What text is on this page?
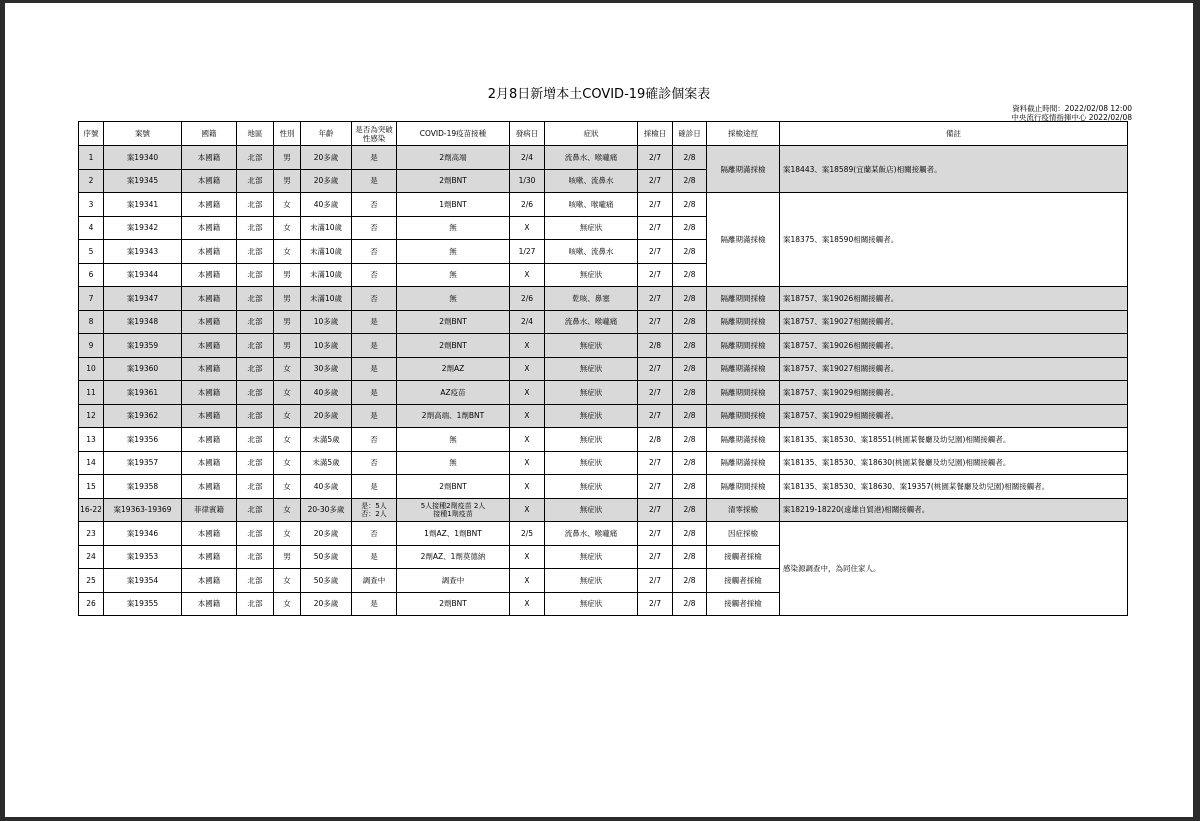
2月8日新增本土COVID-19確診個案表
資料截止時間：2022/02/08 12:00
中央流行疫情指揮中心 2022/02/08
序號	案號	國籍	地區	性別	年齡	是否為突破性感染	COVID-19疫苗接種	發病日	症狀	採檢日	確診日	採檢途徑	備註
1	案19340	本國籍	北部	男	20多歲	是	2劑高端	2/4	流鼻水、喉嚨痛	2/7	2/8	隔離期滿採檢	案18443、案18589(宜蘭某飯店)相關接觸者。
2	案19345	本國籍	北部	男	20多歲	是	2劑BNT	1/30	咳嗽、流鼻水	2/7	2/8		
3	案19341	本國籍	北部	女	40多歲	否	1劑BNT	2/6	咳嗽、喉嚨痛	2/7	2/8	隔離期滿採檢	案18375、案18590相關接觸者。
4	案19342	本國籍	北部	女	未滿10歲	否	無	X	無症狀	2/7	2/8		
5	案19343	本國籍	北部	女	未滿10歲	否	無	1/27	咳嗽、流鼻水	2/7	2/8		
6	案19344	本國籍	北部	男	未滿10歲	否	無	X	無症狀	2/7	2/8		
7	案19347	本國籍	北部	男	未滿10歲	否	無	2/6	乾咳、鼻塞	2/7	2/8	隔離期間採檢	案18757、案19026相關接觸者。
8	案19348	本國籍	北部	男	10多歲	是	2劑BNT	2/4	流鼻水、喉嚨痛	2/7	2/8	隔離期間採檢	案18757、案19027相關接觸者。
9	案19359	本國籍	北部	男	10多歲	是	2劑BNT	X	無症狀	2/8	2/8	隔離期間採檢	案18757、案19026相關接觸者。
10	案19360	本國籍	北部	女	30多歲	是	2劑AZ	X	無症狀	2/7	2/8	隔離期滿採檢	案18757、案19027相關接觸者。
11	案19361	本國籍	北部	女	40多歲	是	AZ疫苗	X	無症狀	2/7	2/8	隔離期間採檢	案18757、案19029相關接觸者。
12	案19362	本國籍	北部	女	20多歲	是	2劑高端、1劑BNT	X	無症狀	2/7	2/8	隔離期間採檢	案18757、案19029相關接觸者。
13	案19356	本國籍	北部	女	未滿5歲	否	無	X	無症狀	2/8	2/8	隔離期滿採檢	案18135、案18530、案18551(桃園某餐廳及幼兒園)相關接觸者。
14	案19357	本國籍	北部	女	未滿5歲	否	無	X	無症狀	2/7	2/8	隔離期滿採檢	案18135、案18530、案18630(桃園某餐廳及幼兒園)相關接觸者。
15	案19358	本國籍	北部	女	40多歲	是	2劑BNT	X	無症狀	2/7	2/8	隔離期間採檢	案18135、案18530、案18630、案19357(桃園某餐廳及幼兒園)相關接觸者。
16-22	案19363-19369	菲律賓籍	北部	女	20-30多歲	是：5人 否：2人	5人接種2劑疫苗 2人接種1劑疫苗	X	無症狀	2/7	2/8	清零採檢	案18219-18220(遠雄自貿港)相關接觸者。
23	案19346	本國籍	北部	女	20多歲	否	1劑AZ、1劑BNT	2/5	流鼻水、喉嚨痛	2/7	2/8	因症採檢	感染源調查中，為同住家人。
24	案19353	本國籍	北部	男	50多歲	是	2劑AZ、1劑莫德納	X	無症狀	2/7	2/8	接觸者採檢	
25	案19354	本國籍	北部	女	50多歲	調查中	調查中	X	無症狀	2/7	2/8	接觸者採檢	
26	案19355	本國籍	北部	女	20多歲	是	2劑BNT	X	無症狀	2/7	2/8	接觸者採檢	
